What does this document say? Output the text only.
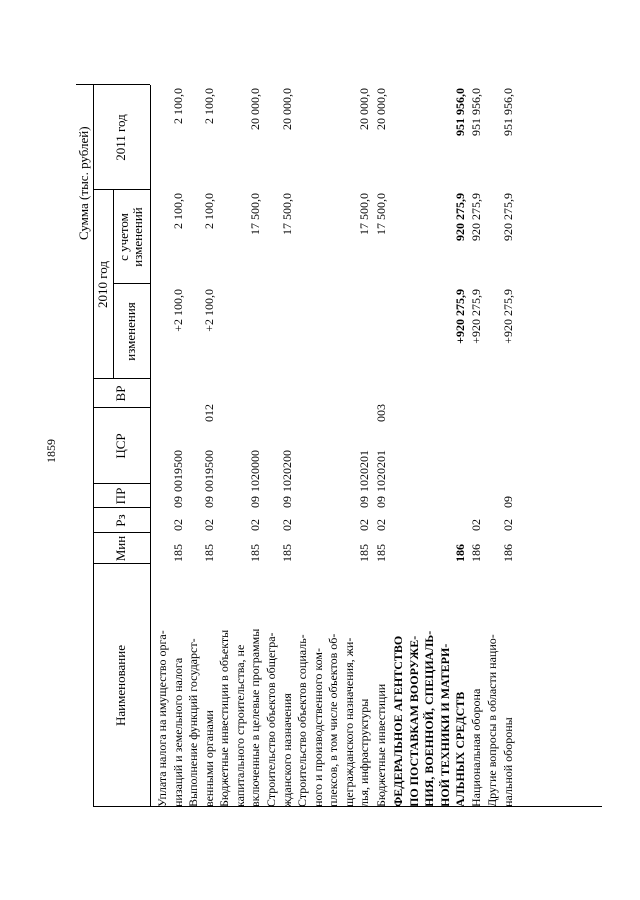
1859
Сумма (тыс. рублей)
Наименование
Мин
Рз
ПР
ЦСР
ВР
2010 год
изменения
с учетом изменений
2011 год
Уплата налога на имущество орга- низаций и земельного налога
185
02
09
0019500
+2 100,0
2 100,0
2 100,0
Выполнение функций государст- венными органами
185
02
09
0019500
012
+2 100,0
2 100,0
2 100,0
Бюджетные инвестиции в объекты капитального строительства, не включенные в целевые программы
185
02
09
1020000
17 500,0
20 000,0
Строительство объектов общегра- жданского назначения
185
02
09
1020200
17 500,0
20 000,0
Строительство объектов социаль- ного и производственного ком- плексов, в том числе объектов об- щегражданского назначения, жи- лья, инфраструктуры
185
02
09
1020201
17 500,0
20 000,0
Бюджетные инвестиции
185
02
09
1020201
003
17 500,0
20 000,0
ФЕДЕРАЛЬНОЕ АГЕНТСТВО ПО ПОСТАВКАМ ВООРУЖЕ- НИЯ, ВОЕННОЙ, СПЕЦИАЛЬ- НОЙ ТЕХНИКИ И МАТЕРИ- АЛЬНЫХ СРЕДСТВ
186
+920 275,9
920 275,9
951 956,0
Национальная оборона
186
02
+920 275,9
920 275,9
951 956,0
Другие вопросы в области нацио- нальной обороны
186
02
09
+920 275,9
920 275,9
951 956,0
